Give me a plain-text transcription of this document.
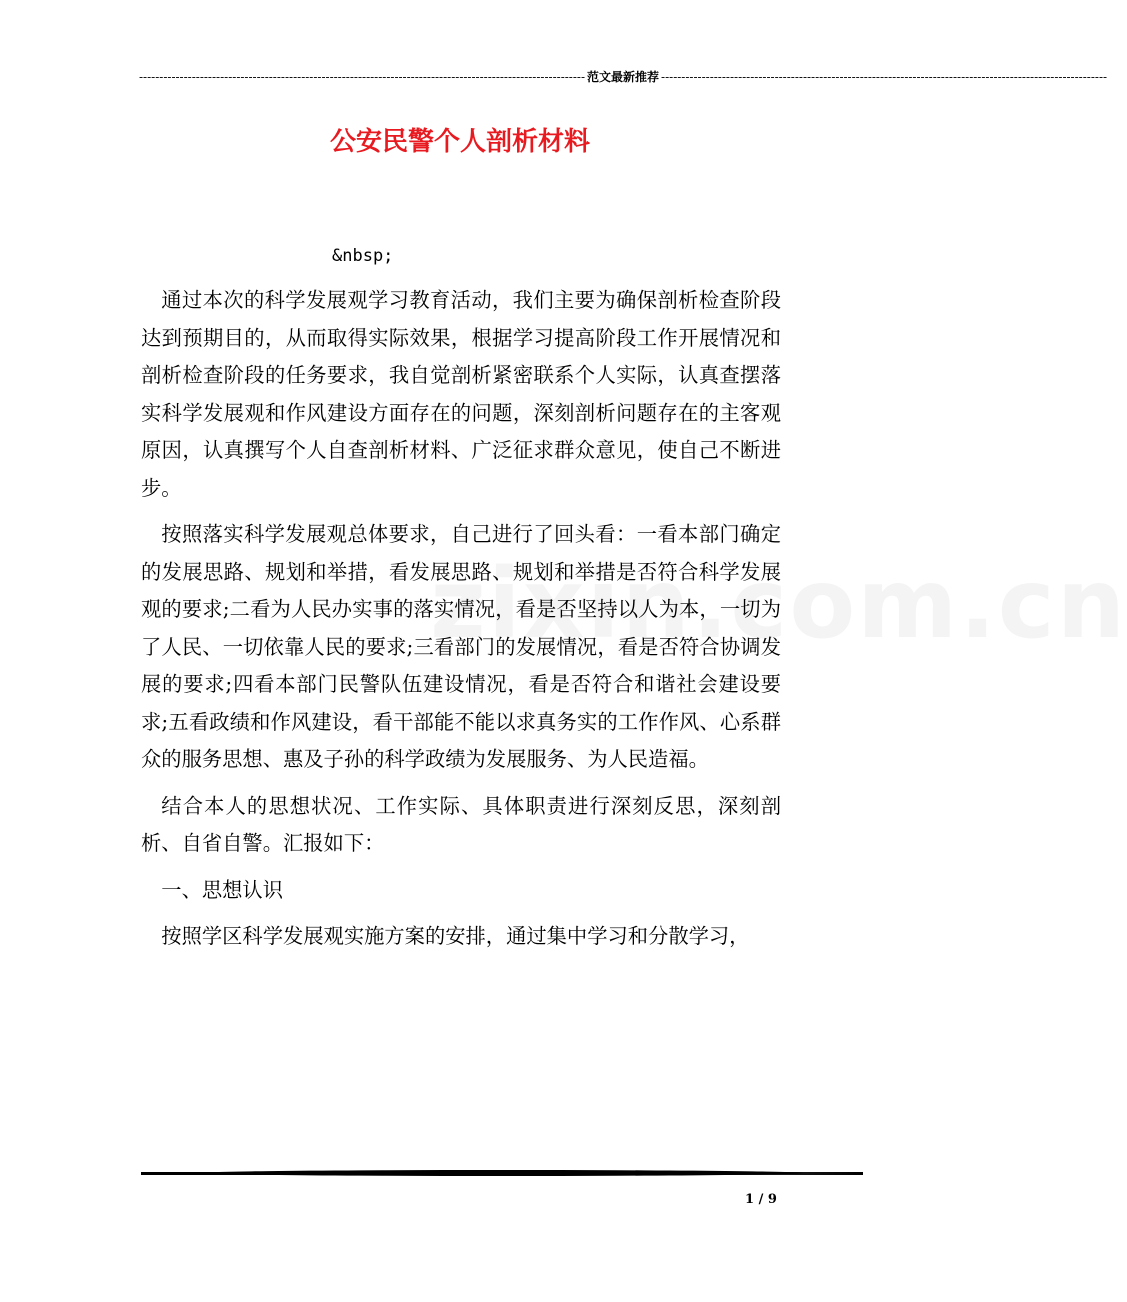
-------------------------------------------------------------------------------------------------------------- 范文最新推荐 --------------------------------------------------------------------------------------------------------------
公安民警个人剖析材料
&nbsp;

通过本次的科学发展观学习教育活动，我们主要为确保剖析检查阶段达到预期目的，从而取得实际效果，根据学习提高阶段工作开展情况和剖析检查阶段的任务要求，我自觉剖析紧密联系个人实际，认真查摆落实科学发展观和作风建设方面存在的问题，深刻剖析问题存在的主客观原因，认真撰写个人自查剖析材料、广泛征求群众意见，使自己不断进步。

按照落实科学发展观总体要求，自己进行了回头看：一看本部门确定的发展思路、规划和举措，看发展思路、规划和举措是否符合科学发展观的要求;二看为人民办实事的落实情况，看是否坚持以人为本，一切为了人民、一切依靠人民的要求;三看部门的发展情况，看是否符合协调发展的要求;四看本部门民警队伍建设情况，看是否符合和谐社会建设要求;五看政绩和作风建设，看干部能不能以求真务实的工作作风、心系群众的服务思想、惠及子孙的科学政绩为发展服务、为人民造福。

结合本人的思想状况、工作实际、具体职责进行深刻反思，深刻剖析、自省自警。汇报如下：

一、思想认识

按照学区科学发展观实施方案的安排，通过集中学习和分散学习，

1 / 9
